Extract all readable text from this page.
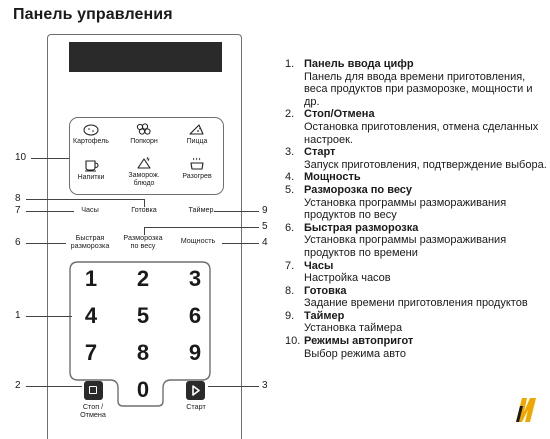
Панель управления
Картофель	Попкорн	Пицца
Напитки	Заморож.
блюдо
Разогрев
Готовка
Часы	Таймер
Быстрая
разморозка
Разморозка
по весу
Мощность
1	2	3
4	5	6
7	8	9
0
Стоп /
Отмена
Старт
10
8
7	9
5
6	4
1
2	3
1. Панель ввода цифр
Панель для ввода времени приготовления, веса продуктов при разморозке, мощности и др.
2. Стоп/Отмена
Остановка приготовления, отмена сделанных настроек.
3. Старт
Запуск приготовления, подтверждение выбора.
4. Мощность
5. Разморозка по весу
Установка программы размораживания продуктов по весу
6. Быстрая разморозка
Установка программы размораживания продуктов по времени
7. Часы
Настройка часов
8. Готовка
Задание времени приготовления продуктов
9. Таймер
Установка таймера
10. Режимы автопригот
Выбор режима авто
